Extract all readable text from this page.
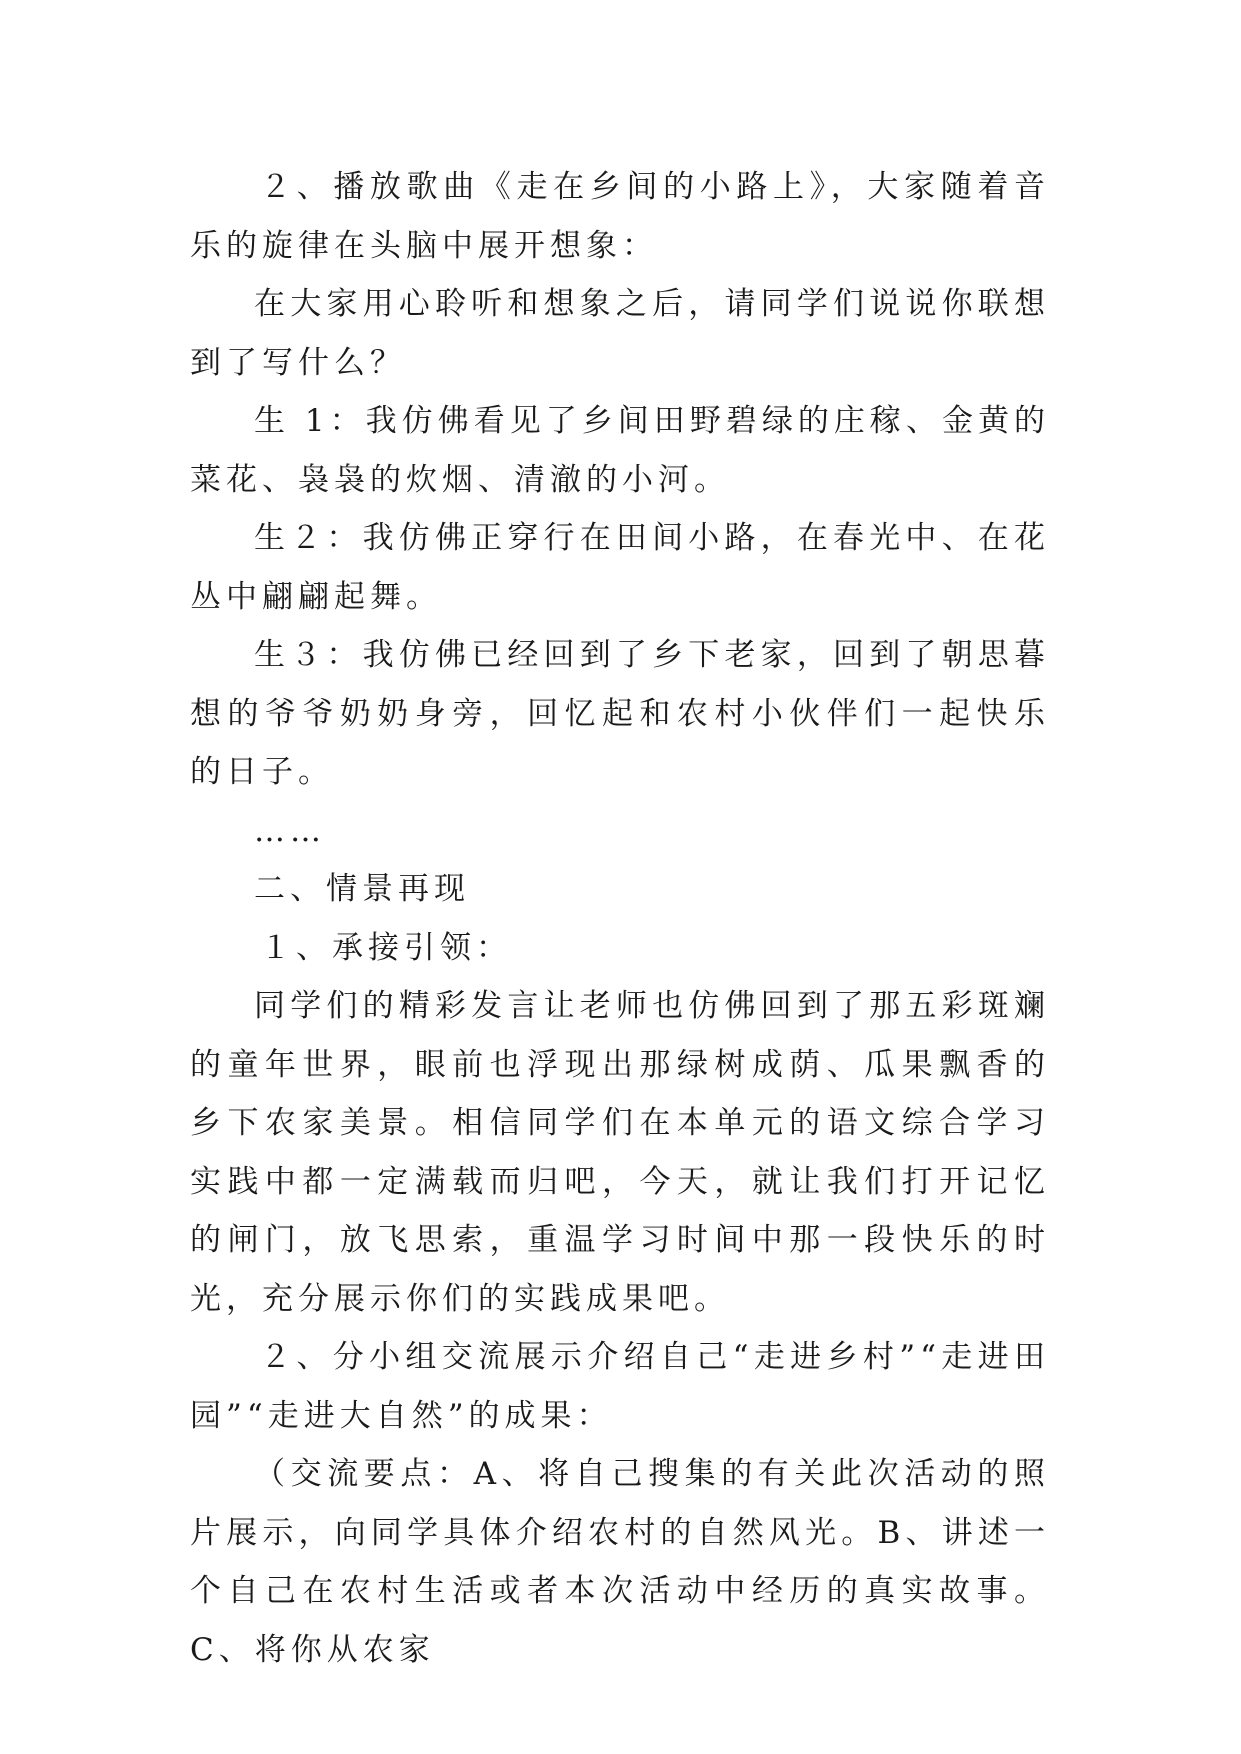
２、播放歌曲《走在乡间的小路上》，大家随着音乐的旋律在头脑中展开想象：

在大家用心聆听和想象之后，请同学们说说你联想到了写什么？

生 1：我仿佛看见了乡间田野碧绿的庄稼、金黄的菜花、袅袅的炊烟、清澈的小河。

生２：我仿佛正穿行在田间小路，在春光中、在花丛中翩翩起舞。

生３：我仿佛已经回到了乡下老家，回到了朝思暮想的爷爷奶奶身旁，回忆起和农村小伙伴们一起快乐的日子。

……

二、情景再现

１、承接引领：

同学们的精彩发言让老师也仿佛回到了那五彩斑斓的童年世界，眼前也浮现出那绿树成荫、瓜果飘香的乡下农家美景。相信同学们在本单元的语文综合学习实践中都一定满载而归吧，今天，就让我们打开记忆的闸门，放飞思索，重温学习时间中那一段快乐的时光，充分展示你们的实践成果吧。

２、分小组交流展示介绍自己“走进乡村”“走进田园”“走进大自然”的成果：

（交流要点：A、将自己搜集的有关此次活动的照片展示，向同学具体介绍农村的自然风光。B、讲述一个自己在农村生活或者本次活动中经历的真实故事。C、将你从农家
